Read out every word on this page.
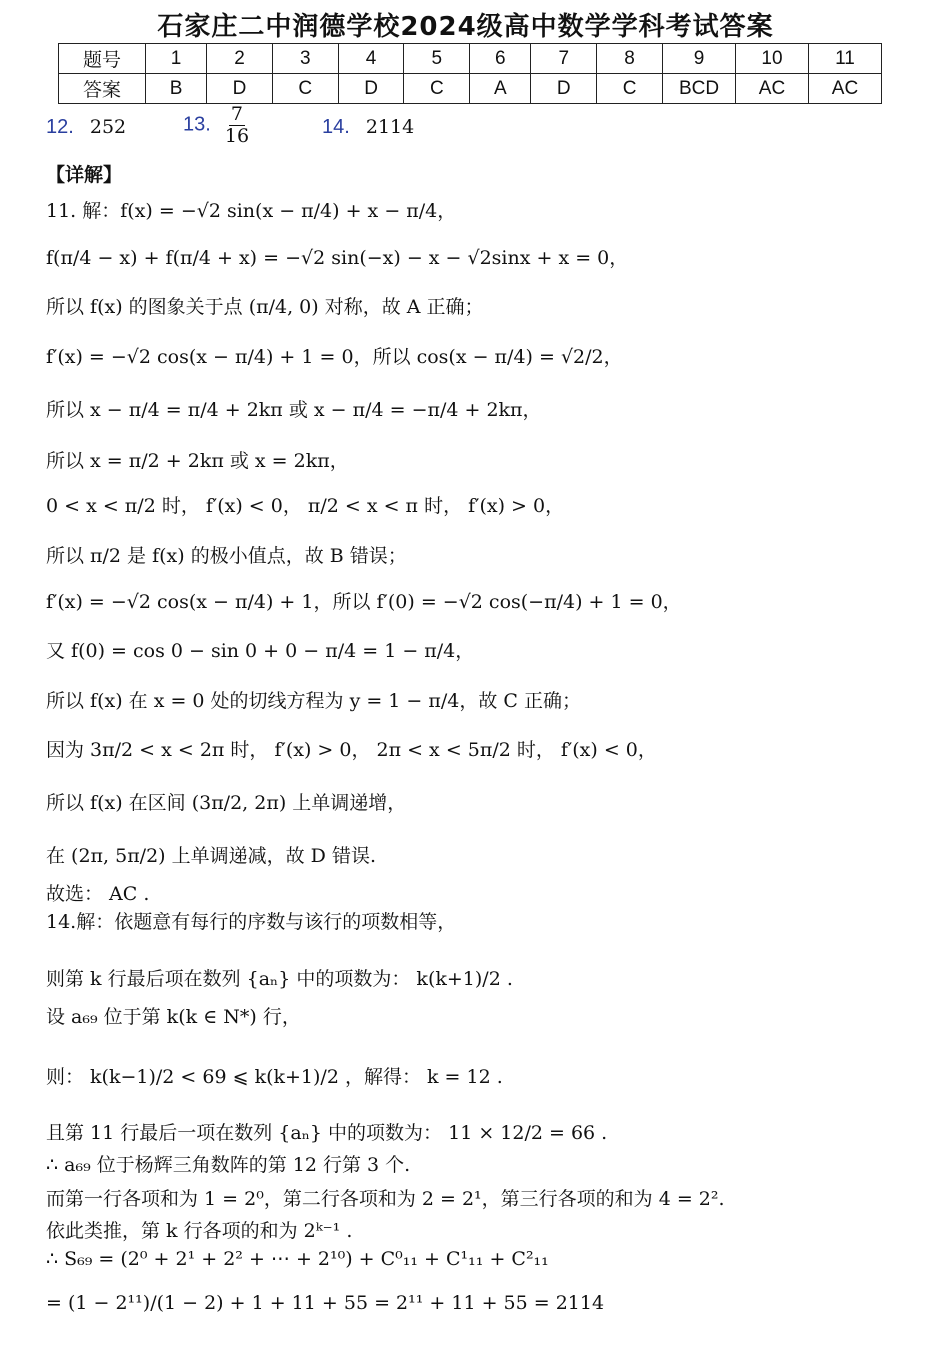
石家庄二中润德学校2024级高中数学学科考试答案
题号	1	2	3	4	5	6	7	8	9	10	11
答案	B	D	C	D	C	A	D	C	BCD	AC	AC
12. 252	13. $\frac{7}{16}$	14. 2114
【详解】
11. 解：f(x) = −√2 sin(x − π/4) + x − π/4，
f(π/4 − x) + f(π/4 + x) = −√2 sin(−x) − x − √2sinx + x = 0，
所以 f(x) 的图象关于点 (π/4, 0) 对称，故 A 正确；
f′(x) = −√2 cos(x − π/4) + 1 = 0，所以 cos(x − π/4) = √2/2，
所以 x − π/4 = π/4 + 2kπ 或 x − π/4 = −π/4 + 2kπ，
所以 x = π/2 + 2kπ 或 x = 2kπ，
0 < x < π/2 时， f′(x) < 0， π/2 < x < π 时， f′(x) > 0，
所以 π/2 是 f(x) 的极小值点，故 B 错误；
f′(x) = −√2 cos(x − π/4) + 1，所以 f′(0) = −√2 cos(−π/4) + 1 = 0，
又 f(0) = cos 0 − sin 0 + 0 − π/4 = 1 − π/4，
所以 f(x) 在 x = 0 处的切线方程为 y = 1 − π/4，故 C 正确；
因为 3π/2 < x < 2π 时， f′(x) > 0， 2π < x < 5π/2 时， f′(x) < 0，
所以 f(x) 在区间 (3π/2, 2π) 上单调递增，
在 (2π, 5π/2) 上单调递减，故 D 错误.
故选： AC .
14.解：依题意有每行的序数与该行的项数相等，
则第 k 行最后项在数列 {aₙ} 中的项数为： k(k+1)/2 .
设 a₆₉ 位于第 k(k ∈ N*) 行，
则： k(k−1)/2 < 69 ⩽ k(k+1)/2 ，解得： k = 12 .
且第 11 行最后一项在数列 {aₙ} 中的项数为： 11 × 12/2 = 66 .
∴ a₆₉ 位于杨辉三角数阵的第 12 行第 3 个.
而第一行各项和为 1 = 2⁰，第二行各项和为 2 = 2¹，第三行各项的和为 4 = 2².
依此类推，第 k 行各项的和为 2ᵏ⁻¹ .
∴ S₆₉ = (2⁰ + 2¹ + 2² + ⋯ + 2¹⁰) + C⁰₁₁ + C¹₁₁ + C²₁₁
= (1 − 2¹¹)/(1 − 2) + 1 + 11 + 55 = 2¹¹ + 11 + 55 = 2114
